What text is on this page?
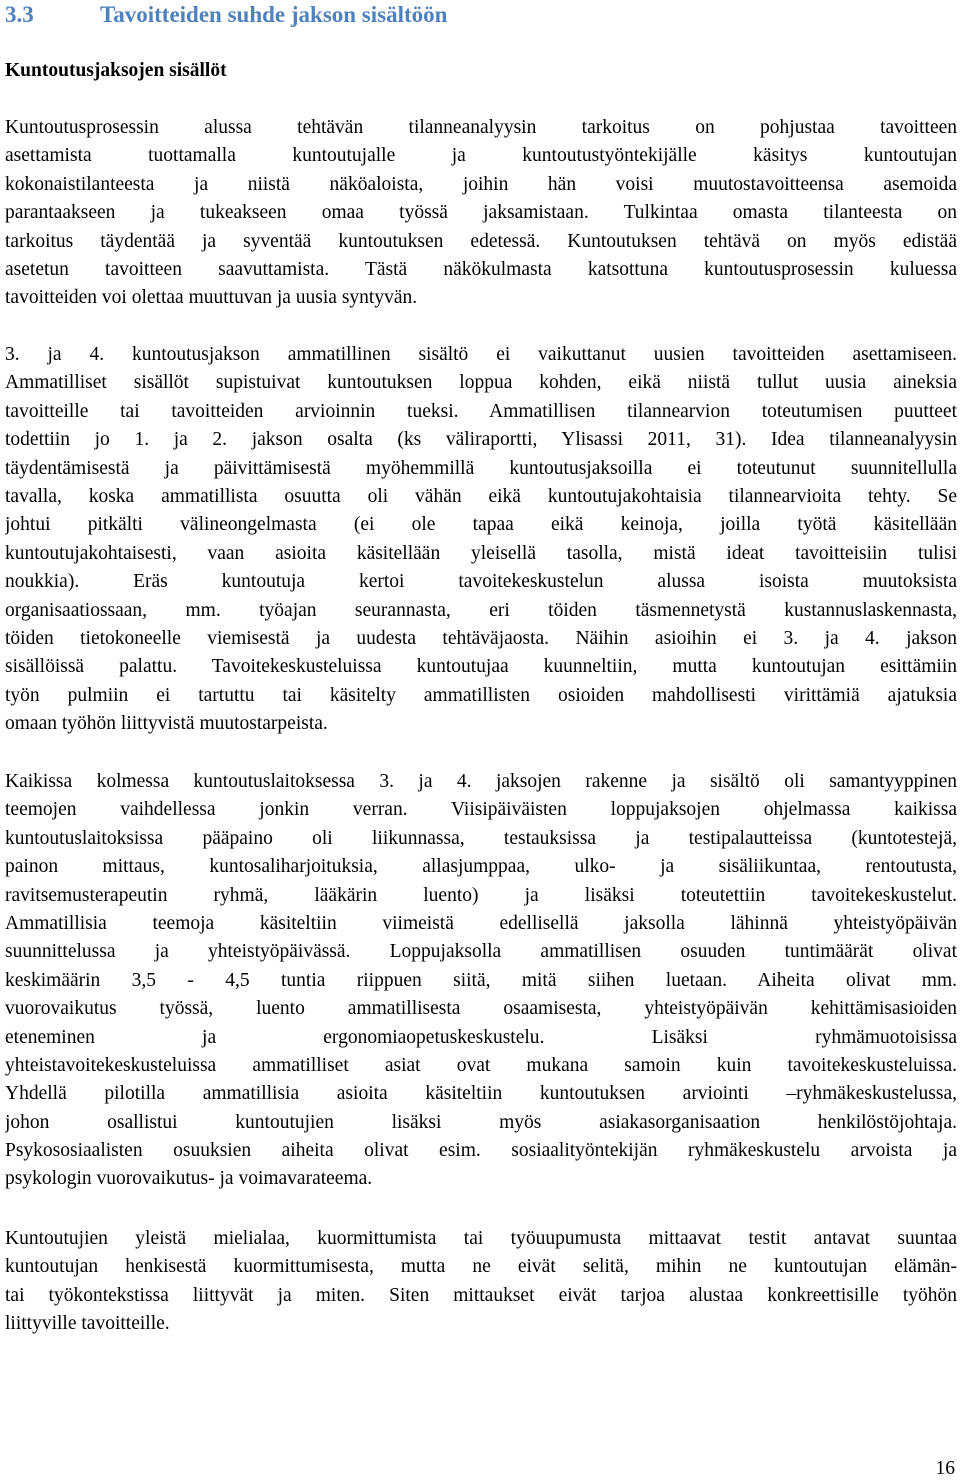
3.3	Tavoitteiden suhde jakson sisältöön
Kuntoutusjaksojen sisällöt
Kuntoutusprosessin alussa tehtävän tilanneanalyysin tarkoitus on pohjustaa tavoitteen
asettamista tuottamalla kuntoutujalle ja kuntoutustyöntekijälle käsitys kuntoutujan
kokonaistilanteesta ja niistä näköaloista, joihin hän voisi muutostavoitteensa asemoida
parantaakseen ja tukeakseen omaa työssä jaksamistaan. Tulkintaa omasta tilanteesta on
tarkoitus täydentää ja syventää kuntoutuksen edetessä. Kuntoutuksen tehtävä on myös edistää
asetetun tavoitteen saavuttamista. Tästä näkökulmasta katsottuna kuntoutusprosessin kuluessa
tavoitteiden voi olettaa muuttuvan ja uusia syntyvän.
3. ja 4. kuntoutusjakson ammatillinen sisältö ei vaikuttanut uusien tavoitteiden asettamiseen.
Ammatilliset sisällöt supistuivat kuntoutuksen loppua kohden, eikä niistä tullut uusia aineksia
tavoitteille tai tavoitteiden arvioinnin tueksi. Ammatillisen tilannearvion toteutumisen puutteet
todettiin jo 1. ja 2. jakson osalta (ks väliraportti, Ylisassi 2011, 31). Idea tilanneanalyysin
täydentämisestä ja päivittämisestä myöhemmillä kuntoutusjaksoilla ei toteutunut suunnitellulla
tavalla, koska ammatillista osuutta oli vähän eikä kuntoutujakohtaisia tilannearvioita tehty. Se
johtui pitkälti välineongelmasta (ei ole tapaa eikä keinoja, joilla työtä käsitellään
kuntoutujakohtaisesti, vaan asioita käsitellään yleisellä tasolla, mistä ideat tavoitteisiin tulisi
noukkia). Eräs kuntoutuja kertoi tavoitekeskustelun alussa isoista muutoksista
organisaatiossaan, mm. työajan seurannasta, eri töiden täsmennetystä kustannuslaskennasta,
töiden tietokoneelle viemisestä ja uudesta tehtäväjaosta. Näihin asioihin ei 3. ja 4. jakson
sisällöissä palattu. Tavoitekeskusteluissa kuntoutujaa kuunneltiin, mutta kuntoutujan esittämiin
työn pulmiin ei tartuttu tai käsitelty ammatillisten osioiden mahdollisesti virittämiä ajatuksia
omaan työhön liittyvistä muutostarpeista.
Kaikissa kolmessa kuntoutuslaitoksessa 3. ja 4. jaksojen rakenne ja sisältö oli samantyyppinen
teemojen vaihdellessa jonkin verran. Viisipäiväisten loppujaksojen ohjelmassa kaikissa
kuntoutuslaitoksissa pääpaino oli liikunnassa, testauksissa ja testipalautteissa (kuntotestejä,
painon mittaus, kuntosaliharjoituksia, allasjumppaa, ulko- ja sisäliikuntaa, rentoutusta,
ravitsemusterapeutin ryhmä, lääkärin luento) ja lisäksi toteutettiin tavoitekeskustelut.
Ammatillisia teemoja käsiteltiin viimeistä edellisellä jaksolla lähinnä yhteistyöpäivän
suunnittelussa ja yhteistyöpäivässä. Loppujaksolla ammatillisen osuuden tuntimäärät olivat
keskimäärin 3,5 - 4,5 tuntia riippuen siitä, mitä siihen luetaan. Aiheita olivat mm.
vuorovaikutus työssä, luento ammatillisesta osaamisesta, yhteistyöpäivän kehittämisasioiden
eteneminen ja ergonomiaopetuskeskustelu. Lisäksi ryhmämuotoisissa
yhteistavoitekeskusteluissa ammatilliset asiat ovat mukana samoin kuin tavoitekeskusteluissa.
Yhdellä pilotilla ammatillisia asioita käsiteltiin kuntoutuksen arviointi –ryhmäkeskustelussa,
johon osallistui kuntoutujien lisäksi myös asiakasorganisaation henkilöstöjohtaja.
Psykososiaalisten osuuksien aiheita olivat esim. sosiaalityöntekijän ryhmäkeskustelu arvoista ja
psykologin vuorovaikutus- ja voimavarateema.
Kuntoutujien yleistä mielialaa, kuormittumista tai työuupumusta mittaavat testit antavat suuntaa
kuntoutujan henkisestä kuormittumisesta, mutta ne eivät selitä, mihin ne kuntoutujan elämän-
tai työkontekstissa liittyvät ja miten. Siten mittaukset eivät tarjoa alustaa konkreettisille työhön
liittyville tavoitteille.
16
